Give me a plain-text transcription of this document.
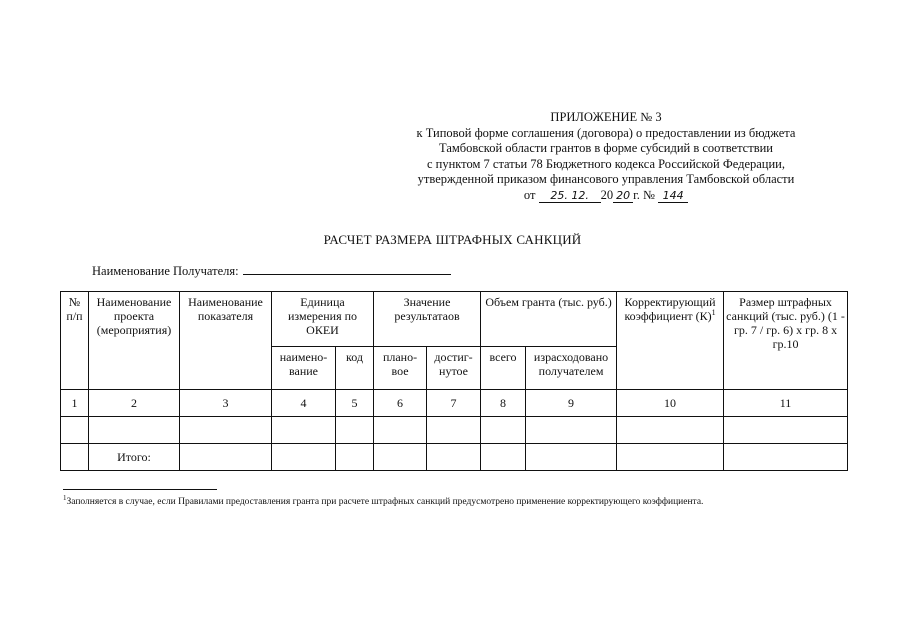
ПРИЛОЖЕНИЕ № 3
к Типовой форме соглашения (договора) о предоставлении из бюджета
Тамбовской области грантов в форме субсидий в соответствии
с пунктом 7 статьи 78 Бюджетного кодекса Российской Федерации,
утвержденной приказом финансового управления Тамбовской области
от 25. 12. 20 20 г. № 144
РАСЧЕТ РАЗМЕРА ШТРАФНЫХ САНКЦИЙ
Наименование Получателя:
№ п/п	Наименование проекта (мероприятия)	Наименование показателя	Единица измерения по ОКЕИ		Значение результатаов		Объем гранта (тыс. руб.)		Корректирующий коэффициент $(К)^1$	Размер штрафных санкций (тыс. руб.) (1 - гр. 7 / гр. 6) х гр. 8 х гр.10
			наимено- вание	код	плано- вое	достиг- нутое	всего	израсходовано получателем		
1	2	3	4	5	6	7	8	9	10	11

	Итого:									
$^1$Заполняется в случае, если Правилами предоставления гранта при расчете штрафных санкций предусмотрено применение корректирующего коэффициента.
